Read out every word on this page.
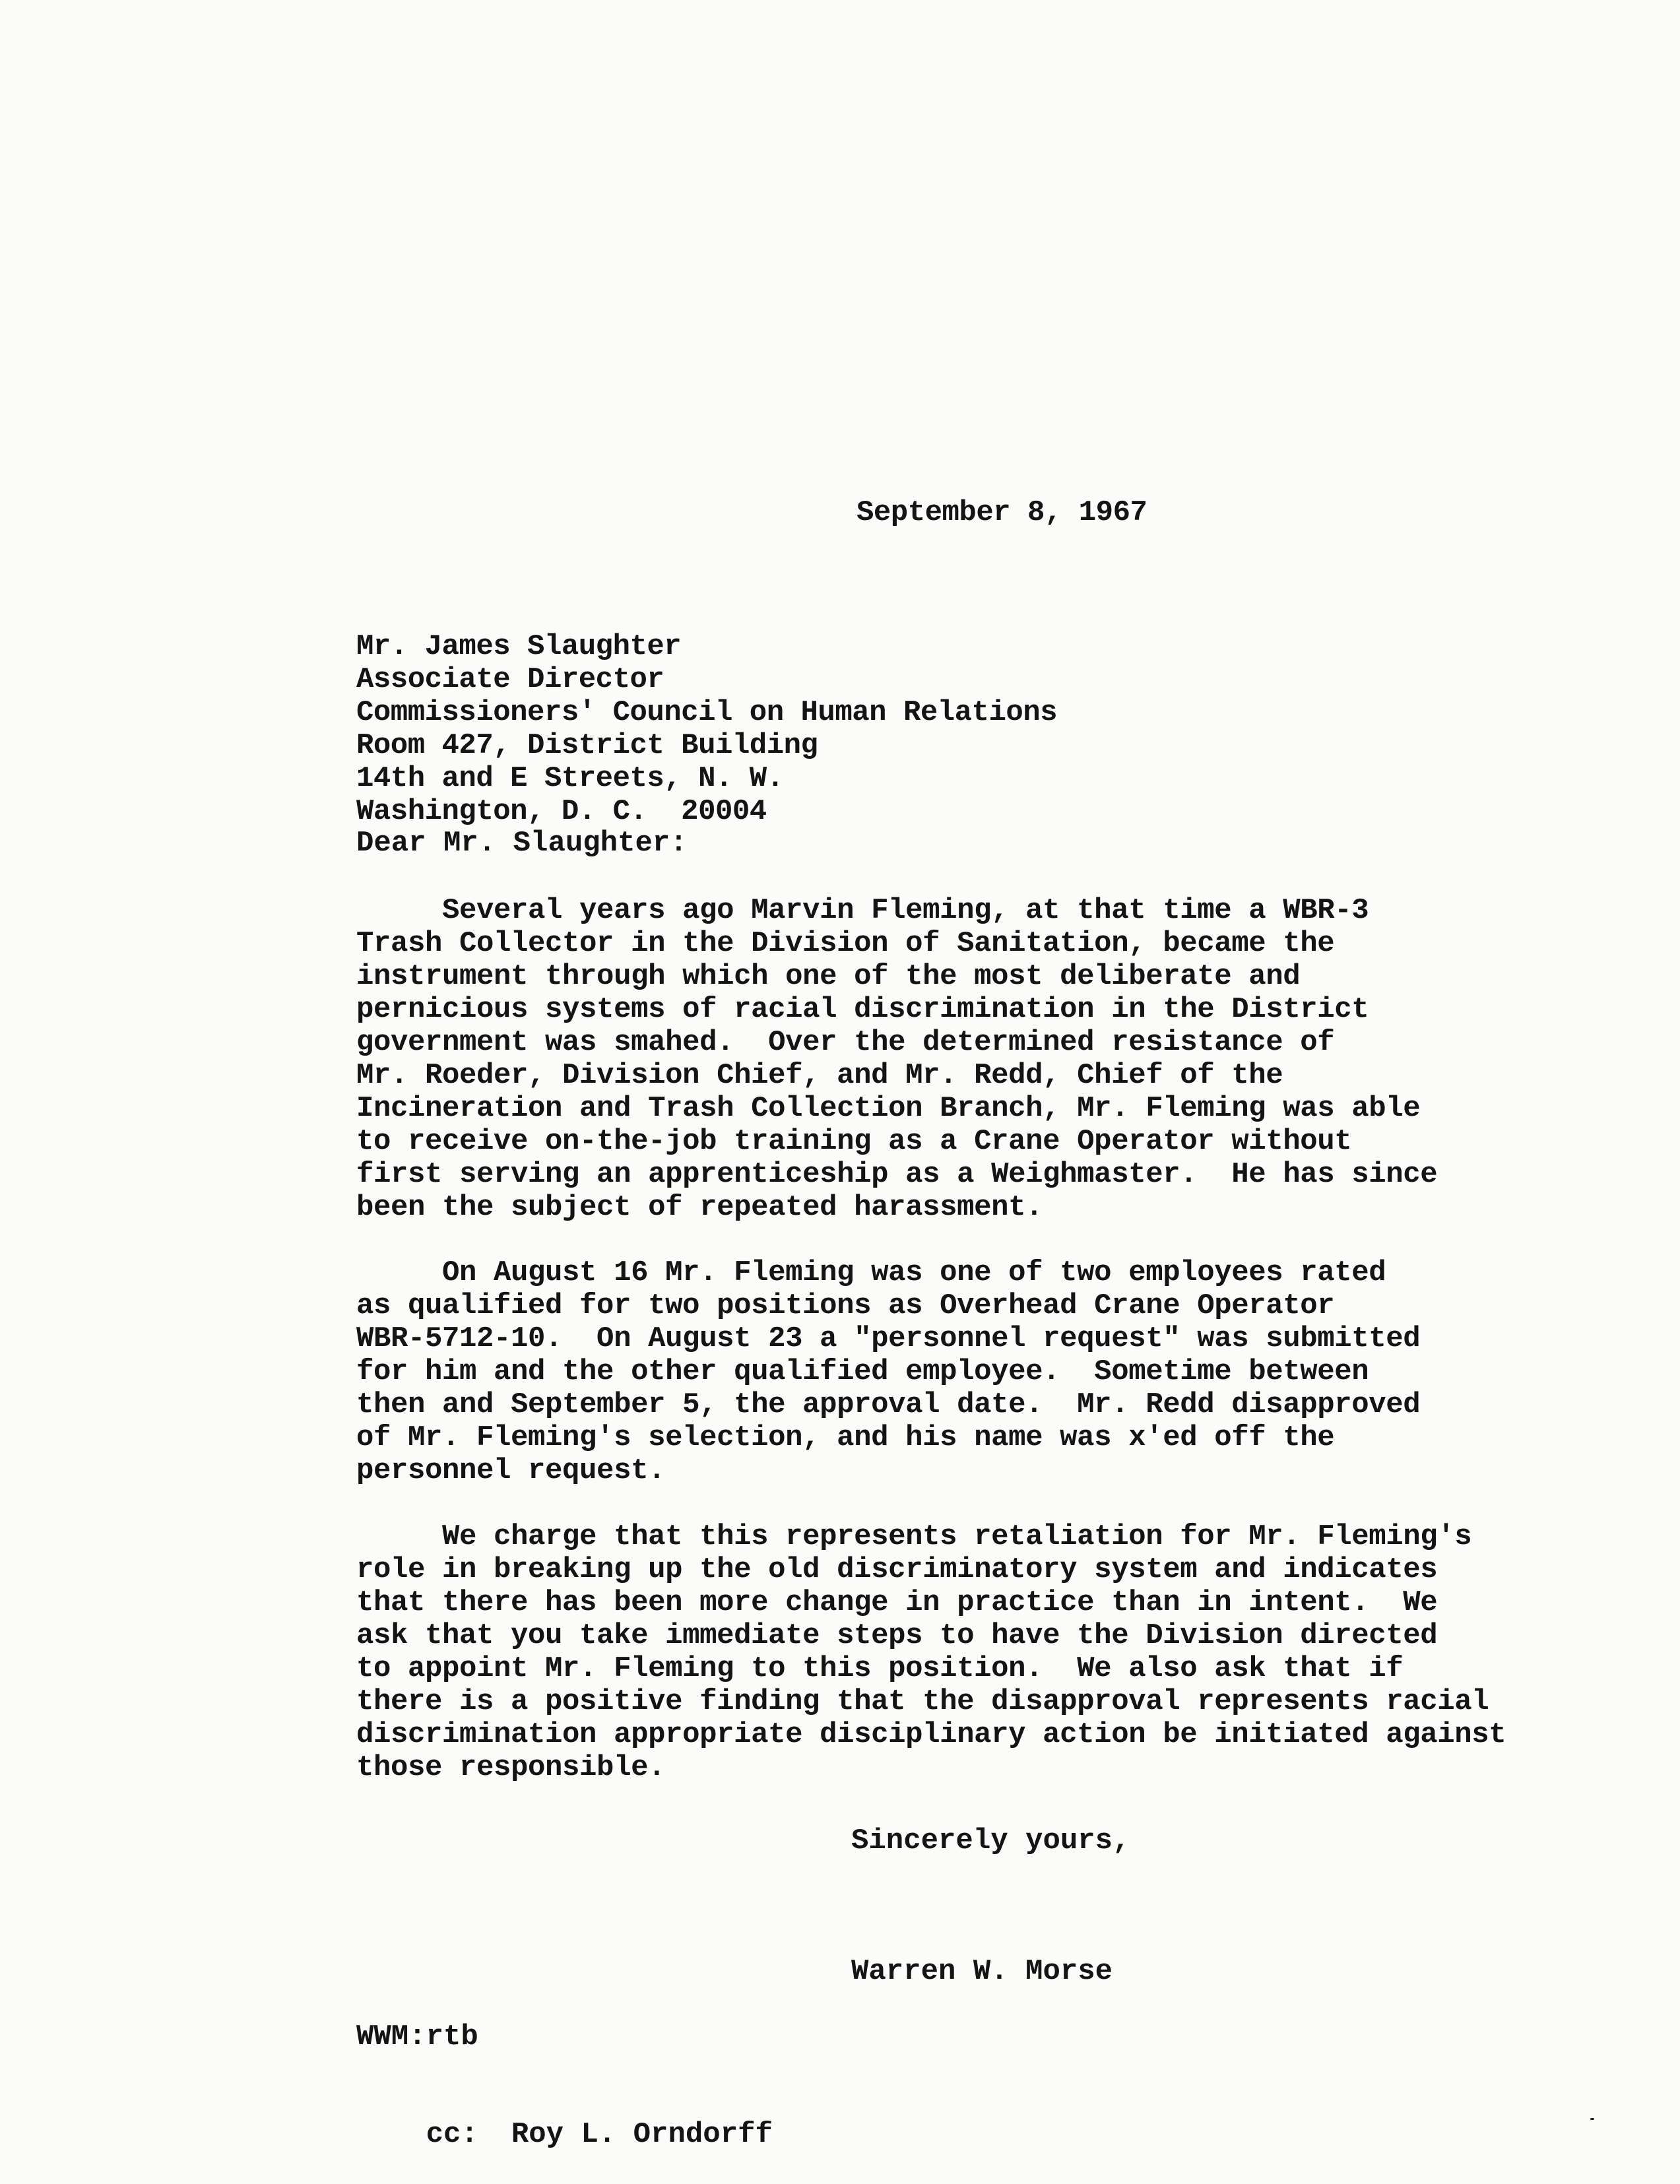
September 8, 1967
Mr. James Slaughter
Associate Director
Commissioners' Council on Human Relations
Room 427, District Building
14th and E Streets, N. W.
Washington, D. C.  20004
Dear Mr. Slaughter:
Several years ago Marvin Fleming, at that time a WBR-3
Trash Collector in the Division of Sanitation, became the
instrument through which one of the most deliberate and
pernicious systems of racial discrimination in the District
government was smahed.  Over the determined resistance of
Mr. Roeder, Division Chief, and Mr. Redd, Chief of the
Incineration and Trash Collection Branch, Mr. Fleming was able
to receive on-the-job training as a Crane Operator without
first serving an apprenticeship as a Weighmaster.  He has since
been the subject of repeated harassment.
On August 16 Mr. Fleming was one of two employees rated
as qualified for two positions as Overhead Crane Operator
WBR-5712-10.  On August 23 a "personnel request" was submitted
for him and the other qualified employee.  Sometime between
then and September 5, the approval date.  Mr. Redd disapproved
of Mr. Fleming's selection, and his name was x'ed off the
personnel request.
We charge that this represents retaliation for Mr. Fleming's
role in breaking up the old discriminatory system and indicates
that there has been more change in practice than in intent.  We
ask that you take immediate steps to have the Division directed
to appoint Mr. Fleming to this position.  We also ask that if
there is a positive finding that the disapproval represents racial
discrimination appropriate disciplinary action be initiated against
those responsible.
Sincerely yours,
Warren W. Morse
WWM:rtb

cc: Roy L. Orndorff
